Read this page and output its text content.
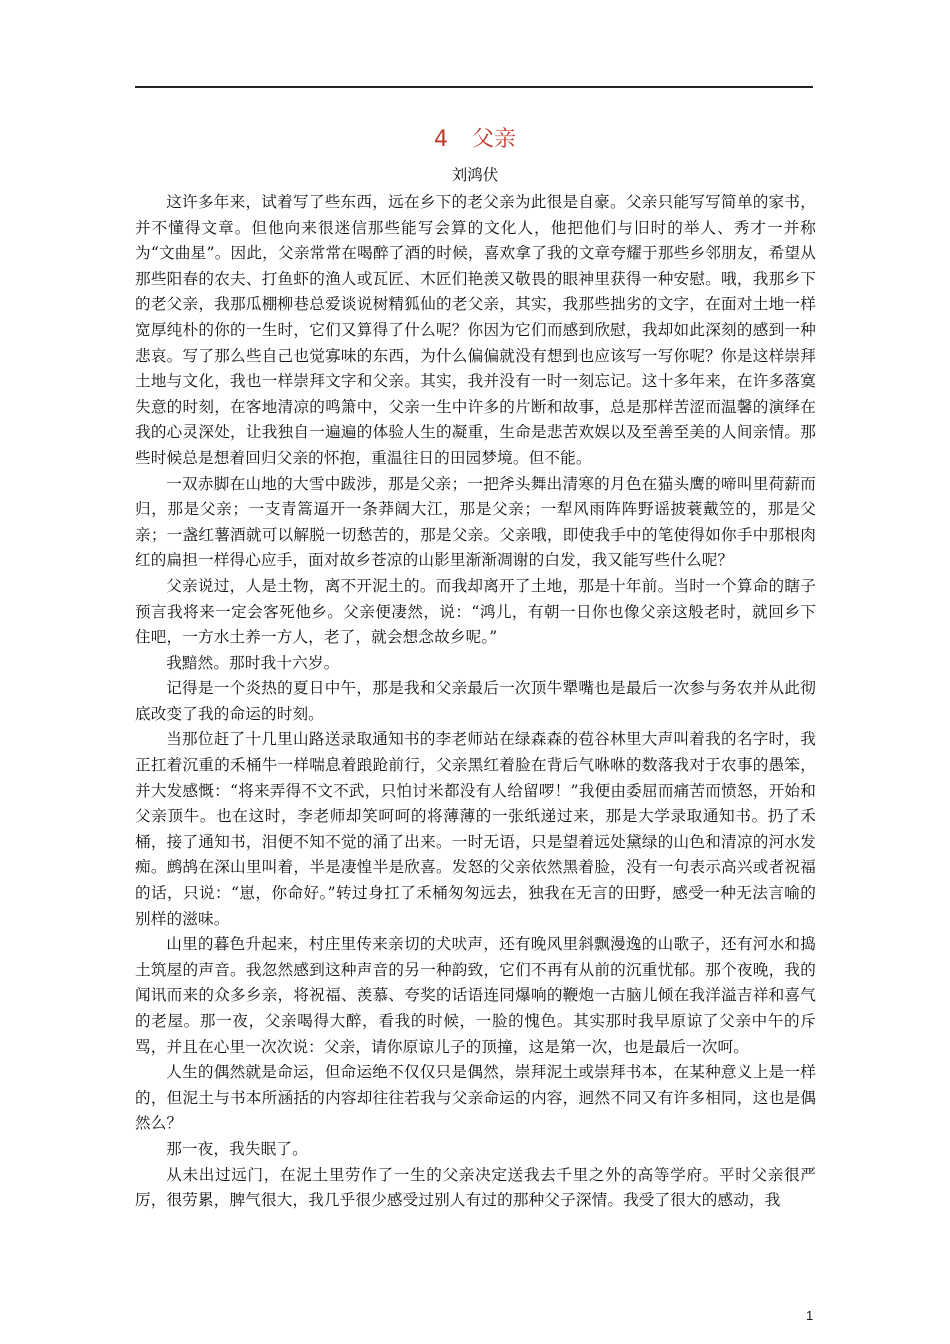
4 父亲
刘鸿伏

这许多年来，试着写了些东西，远在乡下的老父亲为此很是自豪。父亲只能写写简单的家书，并不懂得文章。但他向来很迷信那些能写会算的文化人，他把他们与旧时的举人、秀才一并称为“文曲星”。因此，父亲常常在喝醉了酒的时候，喜欢拿了我的文章夸耀于那些乡邻朋友，希望从那些阳春的农夫、打鱼虾的渔人或瓦匠、木匠们艳羡又敬畏的眼神里获得一种安慰。哦，我那乡下的老父亲，我那瓜棚柳巷总爱谈说树精狐仙的老父亲，其实，我那些拙劣的文字，在面对土地一样宽厚纯朴的你的一生时，它们又算得了什么呢？你因为它们而感到欣慰，我却如此深刻的感到一种悲哀。写了那么些自己也觉寡味的东西，为什么偏偏就没有想到也应该写一写你呢？你是这样崇拜土地与文化，我也一样崇拜文字和父亲。其实，我并没有一时一刻忘记。这十多年来，在许多落寞失意的时刻，在客地清凉的鸣箫中，父亲一生中许多的片断和故事，总是那样苦涩而温馨的演绎在我的心灵深处，让我独自一遍遍的体验人生的凝重，生命是悲苦欢娱以及至善至美的人间亲情。那些时候总是想着回归父亲的怀抱，重温往日的田园梦境。但不能。

一双赤脚在山地的大雪中跋涉，那是父亲；一把斧头舞出清寒的月色在猫头鹰的啼叫里荷薪而归，那是父亲；一支青篙逼开一条莽阔大江，那是父亲；一犁风雨阵阵野谣披蓑戴笠的，那是父亲；一盏红薯酒就可以解脱一切愁苦的，那是父亲。父亲哦，即使我手中的笔使得如你手中那根肉红的扁担一样得心应手，面对故乡苍凉的山影里渐渐凋谢的白发，我又能写些什么呢？

父亲说过，人是土物，离不开泥土的。而我却离开了土地，那是十年前。当时一个算命的瞎子预言我将来一定会客死他乡。父亲便凄然，说：“鸿儿，有朝一日你也像父亲这般老时，就回乡下住吧，一方水土养一方人，老了，就会想念故乡呢。”

我黯然。那时我十六岁。

记得是一个炎热的夏日中午，那是我和父亲最后一次顶牛犟嘴也是最后一次参与务农并从此彻底改变了我的命运的时刻。

当那位赶了十几里山路送录取通知书的李老师站在绿森森的苞谷林里大声叫着我的名字时，我正扛着沉重的禾桶牛一样喘息着踉跄前行，父亲黑红着脸在背后气咻咻的数落我对于农事的愚笨，并大发感慨：“将来弄得不文不武，只怕讨米都没有人给留啰！”我便由委屈而痛苦而愤怒，开始和父亲顶牛。也在这时，李老师却笑呵呵的将薄薄的一张纸递过来，那是大学录取通知书。扔了禾桶，接了通知书，泪便不知不觉的涌了出来。一时无语，只是望着远处黛绿的山色和清凉的河水发痴。鹧鸪在深山里叫着，半是凄惶半是欣喜。发怒的父亲依然黑着脸，没有一句表示高兴或者祝福的话，只说：“崽，你命好。”转过身扛了禾桶匆匆远去，独我在无言的田野，感受一种无法言喻的别样的滋味。

山里的暮色升起来，村庄里传来亲切的犬吠声，还有晚风里斜飘漫逸的山歌子，还有河水和捣土筑屋的声音。我忽然感到这种声音的另一种韵致，它们不再有从前的沉重忧郁。那个夜晚，我的闻讯而来的众多乡亲，将祝福、羡慕、夸奖的话语连同爆响的鞭炮一古脑儿倾在我洋溢吉祥和喜气的老屋。那一夜，父亲喝得大醉，看我的时候，一脸的愧色。其实那时我早原谅了父亲中午的斥骂，并且在心里一次次说：父亲，请你原谅儿子的顶撞，这是第一次，也是最后一次呵。

人生的偶然就是命运，但命运绝不仅仅只是偶然，崇拜泥土或崇拜书本，在某种意义上是一样的，但泥土与书本所涵括的内容却往往若我与父亲命运的内容，迥然不同又有许多相同，这也是偶然么？

那一夜，我失眠了。

从未出过远门，在泥土里劳作了一生的父亲决定送我去千里之外的高等学府。平时父亲很严厉，很劳累，脾气很大，我几乎很少感受过别人有过的那种父子深情。我受了很大的感动，我

1
